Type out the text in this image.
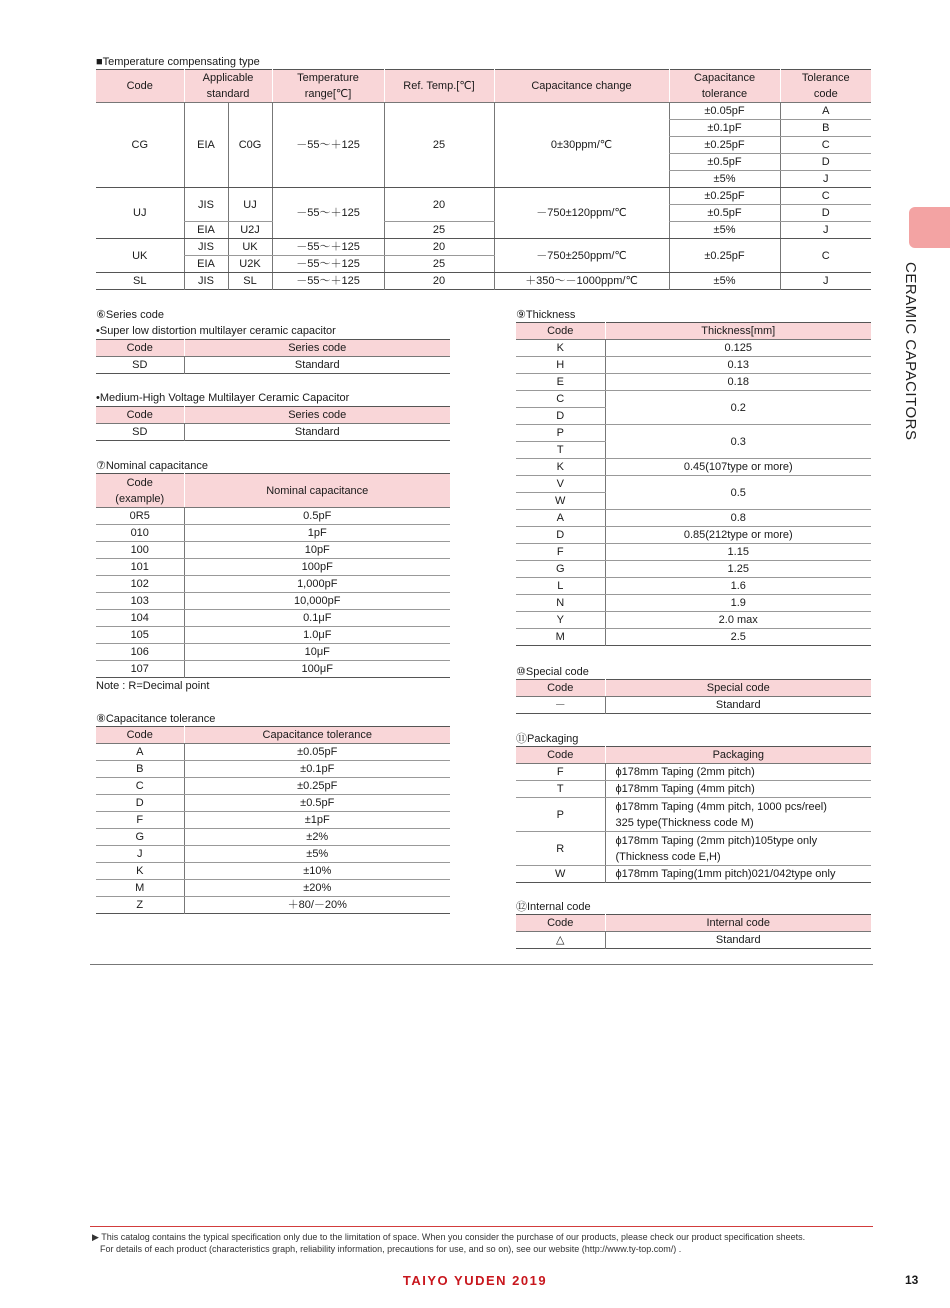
■Temperature compensating type
Code	Applicable
standard		Temperature
range[℃]	Ref. Temp.[℃]	Capacitance change	Capacitance
tolerance	Tolerance
code
CG	EIA	C0G	－55～＋125	25	0±30ppm/℃	±0.05pF	A
						±0.1pF	B
						±0.25pF	C
						±0.5pF	D
						±5%	J
UJ	JIS	UJ	－55～＋125	20	－750±120ppm/℃	±0.25pF	C
						±0.5pF	D
	EIA	U2J		25		±5%	J
UK	JIS	UK	－55～＋125	20	－750±250ppm/℃	±0.25pF	C
	EIA	U2K	－55～＋125	25			
SL	JIS	SL	－55～＋125	20	＋350～－1000ppm/℃	±5%	J
⑥Series code
•Super low distortion multilayer ceramic capacitor
Code	Series code
SD	Standard
•Medium-High Voltage Multilayer Ceramic Capacitor
Code	Series code
SD	Standard
⑦Nominal capacitance
Code
(example)	Nominal capacitance
0R5	0.5pF
010	1pF
100	10pF
101	100pF
102	1,000pF
103	10,000pF
104	0.1μF
105	1.0μF
106	10μF
107	100μF
Note : R=Decimal point
⑧Capacitance tolerance
Code	Capacitance tolerance
A	±0.05pF
B	±0.1pF
C	±0.25pF
D	±0.5pF
F	±1pF
G	±2%
J	±5%
K	±10%
M	±20%
Z	＋80/－20%
⑨Thickness
Code	Thickness[mm]
K	0.125
H	0.13
E	0.18
C	0.2
D	
P	0.3
T	
K	0.45(107type or more)
V	0.5
W	
A	0.8
D	0.85(212type or more)
F	1.15
G	1.25
L	1.6
N	1.9
Y	2.0 max
M	2.5
⑩Special code
Code	Special code
－	Standard
⑪Packaging
Code	Packaging
F	ϕ178mm Taping (2mm pitch)
T	ϕ178mm Taping (4mm pitch)
P	ϕ178mm Taping (4mm pitch, 1000 pcs/reel)
325 type(Thickness code M)
R	ϕ178mm Taping (2mm pitch)105type only
(Thickness code E,H)
W	ϕ178mm Taping(1mm pitch)021/042type only
⑫Internal code
Code	Internal code
△	Standard
CERAMIC CAPACITORS
▶ This catalog contains the typical specification only due to the limitation of space. When you consider the purchase of our products, please check our product specification sheets.
For details of each product (characteristics graph, reliability information, precautions for use, and so on), see our website (http://www.ty-top.com/) .
TAIYO YUDEN 2019	13
